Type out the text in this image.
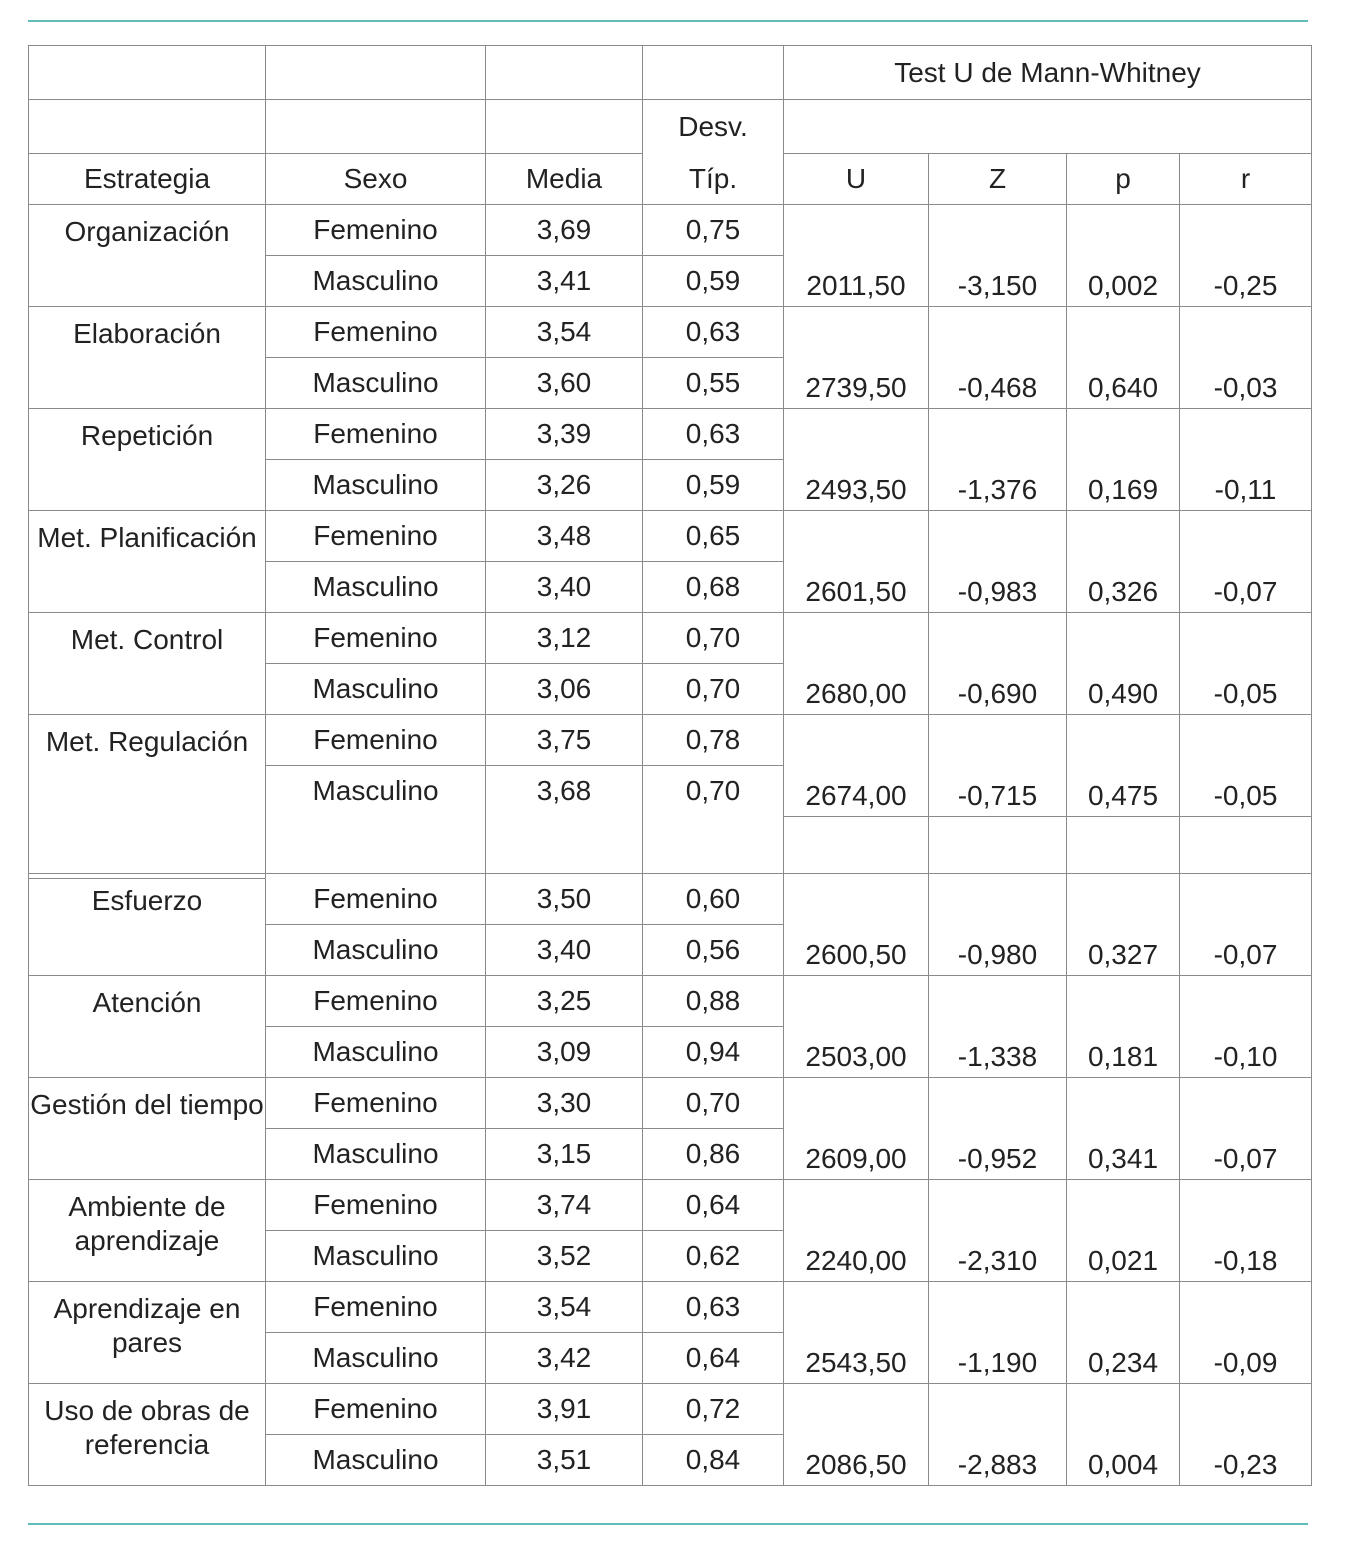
				Test U de Mann-Whitney			
			Desv.				
Estrategia	Sexo	Media	Típ.	U	Z	p	r
Organización	Femenino	3,69	0,75	2011,50	-3,150	0,002	-0,25
	Masculino	3,41	0,59				
Elaboración	Femenino	3,54	0,63	2739,50	-0,468	0,640	-0,03
	Masculino	3,60	0,55				
Repetición	Femenino	3,39	0,63	2493,50	-1,376	0,169	-0,11
	Masculino	3,26	0,59				
Met. Planificación	Femenino	3,48	0,65	2601,50	-0,983	0,326	-0,07
	Masculino	3,40	0,68				
Met. Control	Femenino	3,12	0,70	2680,00	-0,690	0,490	-0,05
	Masculino	3,06	0,70				
Met. Regulación	Femenino	3,75	0,78	2674,00	-0,715	0,475	-0,05
	Masculino	3,68	0,70				

Esfuerzo	Femenino	3,50	0,60	2600,50	-0,980	0,327	-0,07
	Masculino	3,40	0,56				
Atención	Femenino	3,25	0,88	2503,00	-1,338	0,181	-0,10
	Masculino	3,09	0,94				
Gestión del tiempo	Femenino	3,30	0,70	2609,00	-0,952	0,341	-0,07
	Masculino	3,15	0,86				
Ambiente de aprendizaje	Femenino	3,74	0,64	2240,00	-2,310	0,021	-0,18
	Masculino	3,52	0,62				
Aprendizaje en pares	Femenino	3,54	0,63	2543,50	-1,190	0,234	-0,09
	Masculino	3,42	0,64				
Uso de obras de referencia	Femenino	3,91	0,72	2086,50	-2,883	0,004	-0,23
	Masculino	3,51	0,84				
